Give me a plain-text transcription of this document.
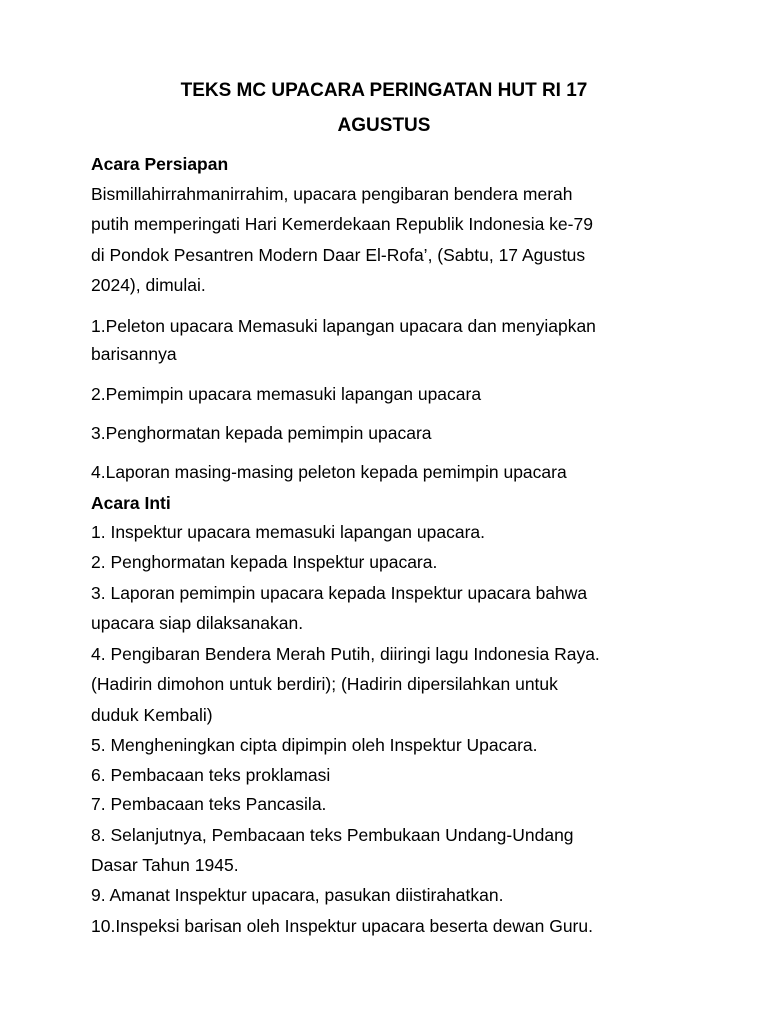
TEKS MC UPACARA PERINGATAN HUT RI 17
AGUSTUS
Acara Persiapan
Bismillahirrahmanirrahim, upacara pengibaran bendera merah
putih memperingati Hari Kemerdekaan Republik Indonesia ke-79
di Pondok Pesantren Modern Daar El-Rofa’, (Sabtu, 17 Agustus
2024), dimulai.
1.Peleton upacara Memasuki lapangan upacara dan menyiapkan
barisannya
2.Pemimpin upacara memasuki lapangan upacara
3.Penghormatan kepada pemimpin upacara
4.Laporan masing-masing peleton kepada pemimpin upacara
Acara Inti
1. Inspektur upacara memasuki lapangan upacara.
2. Penghormatan kepada Inspektur upacara.
3. Laporan pemimpin upacara kepada Inspektur upacara bahwa
upacara siap dilaksanakan.
4. Pengibaran Bendera Merah Putih, diiringi lagu Indonesia Raya.
(Hadirin dimohon untuk berdiri); (Hadirin dipersilahkan untuk
duduk Kembali)
5. Mengheningkan cipta dipimpin oleh Inspektur Upacara.
6. Pembacaan teks proklamasi
7. Pembacaan teks Pancasila.
8. Selanjutnya, Pembacaan teks Pembukaan Undang-Undang
Dasar Tahun 1945.
9. Amanat Inspektur upacara, pasukan diistirahatkan.
10.Inspeksi barisan oleh Inspektur upacara beserta dewan Guru.
